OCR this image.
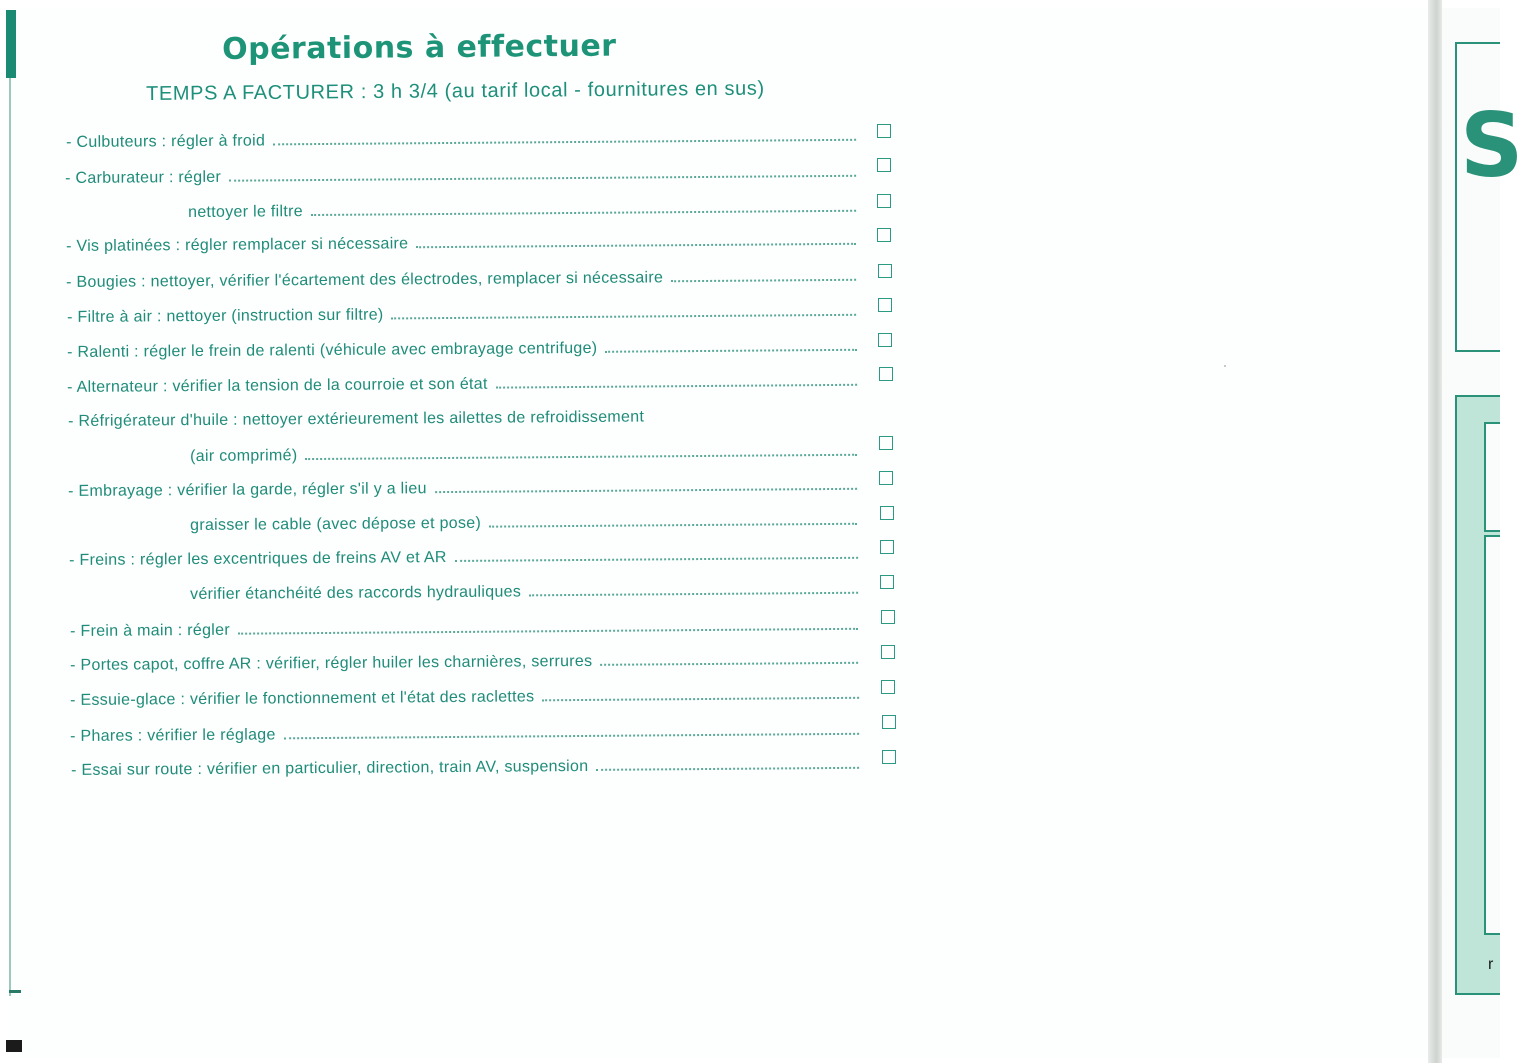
Opérations à effectuer

TEMPS A FACTURER : 3 h 3/4 (au tarif local - fournitures en sus)

- Culbuteurs : régler à froid
- Carburateur : régler
nettoyer le filtre
- Vis platinées : régler remplacer si nécessaire
- Bougies : nettoyer, vérifier l'écartement des électrodes, remplacer si nécessaire
- Filtre à air : nettoyer (instruction sur filtre)
- Ralenti : régler le frein de ralenti (véhicule avec embrayage centrifuge)
- Alternateur : vérifier la tension de la courroie et son état
- Réfrigérateur d'huile : nettoyer extérieurement les ailettes de refroidissement
(air comprimé)
- Embrayage : vérifier la garde, régler s'il y a lieu
graisser le cable (avec dépose et pose)
- Freins : régler les excentriques de freins AV et AR
vérifier étanchéité des raccords hydrauliques
- Frein à main : régler
- Portes capot, coffre AR : vérifier, régler huiler les charnières, serrures
- Essuie-glace : vérifier le fonctionnement et l'état des raclettes
- Phares : vérifier le réglage
- Essai sur route : vérifier en particulier, direction, train AV, suspension
S
r
